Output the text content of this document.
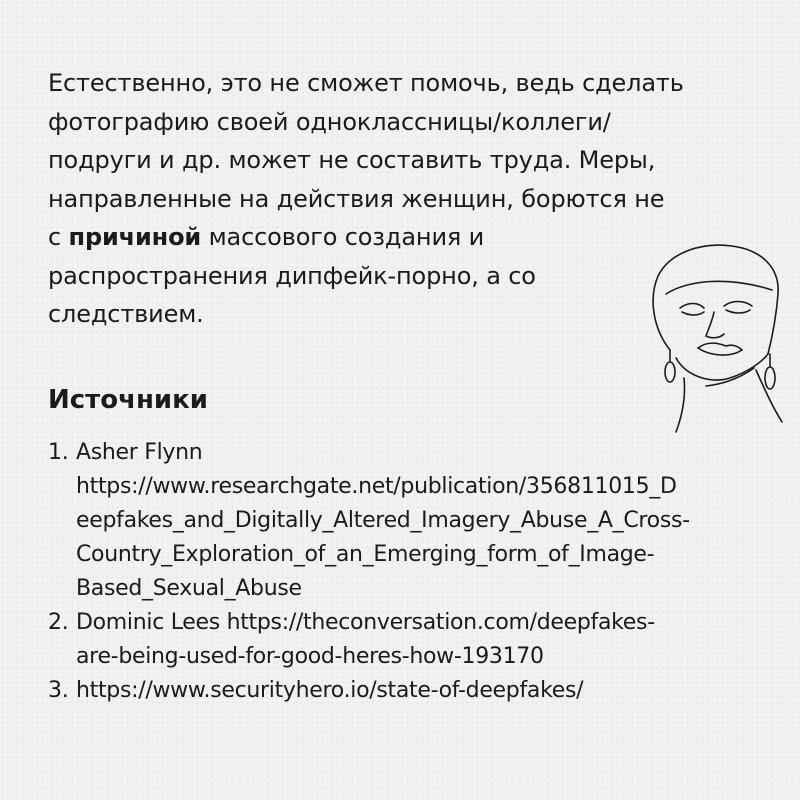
Естественно, это не сможет помочь, ведь сделать
фотографию своей одноклассницы/коллеги/
подруги и др. может не составить труда. Меры,
направленные на действия женщин, борются не
с причиной массового создания и
распространения дипфейк-порно, а со
следствием.

Источники
1. Asher Flynn
https://www.researchgate.net/publication/356811015_D
eepfakes_and_Digitally_Altered_Imagery_Abuse_A_Cross-
Country_Exploration_of_an_Emerging_form_of_Image-
Based_Sexual_Abuse
2. Dominic Lees https://theconversation.com/deepfakes-
are-being-used-for-good-heres-how-193170
3. https://www.securityhero.io/state-of-deepfakes/
